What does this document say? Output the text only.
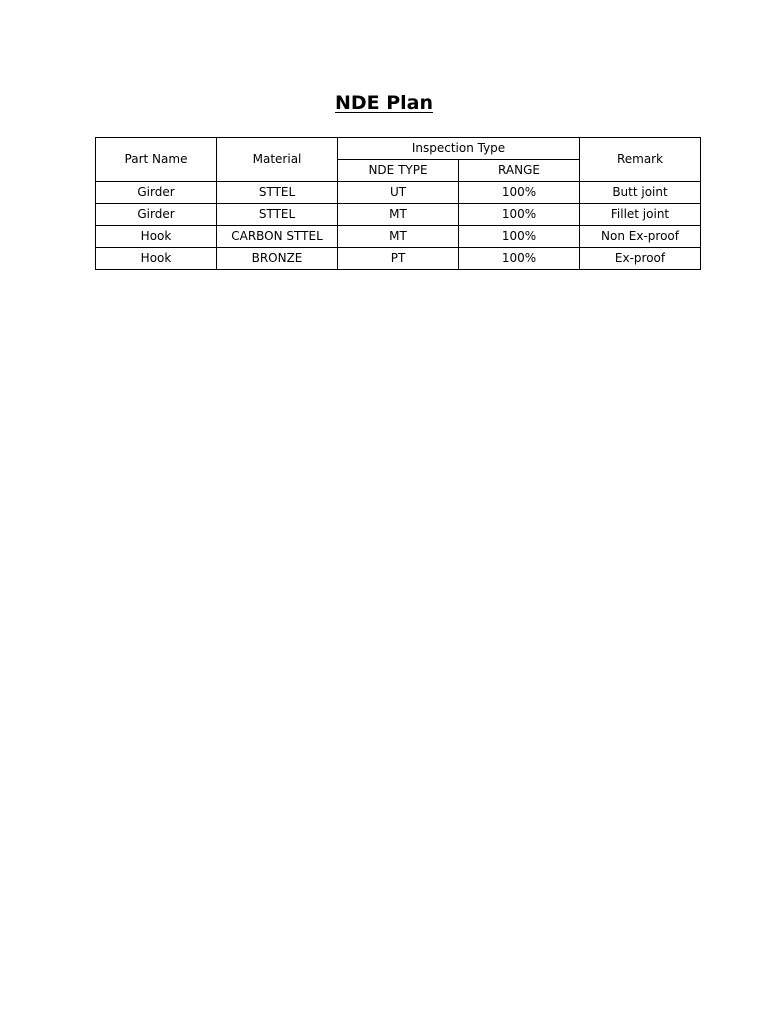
NDE Plan
Part Name	Material	Inspection Type		Remark
		NDE TYPE	RANGE	
Girder	STTEL	UT	100%	Butt joint
Girder	STTEL	MT	100%	Fillet joint
Hook	CARBON STTEL	MT	100%	Non Ex-proof
Hook	BRONZE	PT	100%	Ex-proof
